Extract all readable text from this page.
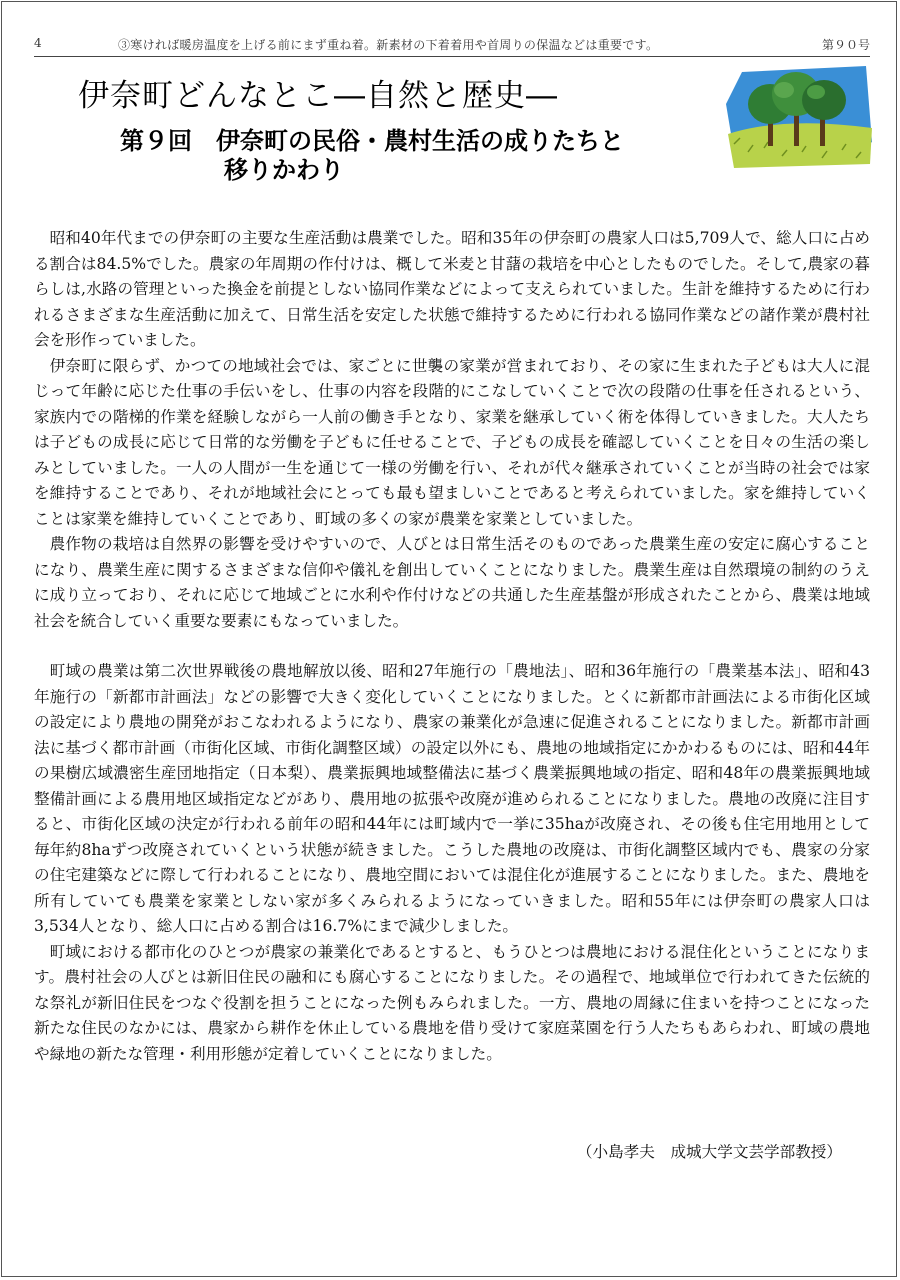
4	③寒ければ暖房温度を上げる前にまず重ね着。新素材の下着着用や首周りの保温などは重要です。	第９０号
伊奈町どんなとこ―自然と歴史―
第９回　伊奈町の民俗・農村生活の成りたちと
移りかわり

昭和40年代までの伊奈町の主要な生産活動は農業でした。昭和35年の伊奈町の農家人口は5,709人で、総人口に占める割合は84.5%でした。農家の年周期の作付けは、概して米麦と甘藷の栽培を中心としたものでした。そして,農家の暮らしは,水路の管理といった換金を前提としない協同作業などによって支えられていました。生計を維持するために行われるさまざまな生産活動に加えて、日常生活を安定した状態で維持するために行われる協同作業などの諸作業が農村社会を形作っていました。

伊奈町に限らず、かつての地域社会では、家ごとに世襲の家業が営まれており、その家に生まれた子どもは大人に混じって年齢に応じた仕事の手伝いをし、仕事の内容を段階的にこなしていくことで次の段階の仕事を任されるという、家族内での階梯的作業を経験しながら一人前の働き手となり、家業を継承していく術を体得していきました。大人たちは子どもの成長に応じて日常的な労働を子どもに任せることで、子どもの成長を確認していくことを日々の生活の楽しみとしていました。一人の人間が一生を通じて一様の労働を行い、それが代々継承されていくことが当時の社会では家を維持することであり、それが地域社会にとっても最も望ましいことであると考えられていました。家を維持していくことは家業を維持していくことであり、町域の多くの家が農業を家業としていました。

農作物の栽培は自然界の影響を受けやすいので、人びとは日常生活そのものであった農業生産の安定に腐心することになり、農業生産に関するさまざまな信仰や儀礼を創出していくことになりました。農業生産は自然環境の制約のうえに成り立っており、それに応じて地域ごとに水利や作付けなどの共通した生産基盤が形成されたことから、農業は地域社会を統合していく重要な要素にもなっていました。

町域の農業は第二次世界戦後の農地解放以後、昭和27年施行の「農地法」、昭和36年施行の「農業基本法」、昭和43年施行の「新都市計画法」などの影響で大きく変化していくことになりました。とくに新都市計画法による市街化区域の設定により農地の開発がおこなわれるようになり、農家の兼業化が急速に促進されることになりました。新都市計画法に基づく都市計画（市街化区域、市街化調整区域）の設定以外にも、農地の地域指定にかかわるものには、昭和44年の果樹広域濃密生産団地指定（日本梨）、農業振興地域整備法に基づく農業振興地域の指定、昭和48年の農業振興地域整備計画による農用地区域指定などがあり、農用地の拡張や改廃が進められることになりました。農地の改廃に注目すると、市街化区域の決定が行われる前年の昭和44年には町域内で一挙に35haが改廃され、その後も住宅用地用として毎年約8haずつ改廃されていくという状態が続きました。こうした農地の改廃は、市街化調整区域内でも、農家の分家の住宅建築などに際して行われることになり、農地空間においては混住化が進展することになりました。また、農地を所有していても農業を家業としない家が多くみられるようになっていきました。昭和55年には伊奈町の農家人口は3,534人となり、総人口に占める割合は16.7%にまで減少しました。

町域における都市化のひとつが農家の兼業化であるとすると、もうひとつは農地における混住化ということになります。農村社会の人びとは新旧住民の融和にも腐心することになりました。その過程で、地域単位で行われてきた伝統的な祭礼が新旧住民をつなぐ役割を担うことになった例もみられました。一方、農地の周縁に住まいを持つことになった新たな住民のなかには、農家から耕作を休止している農地を借り受けて家庭菜園を行う人たちもあらわれ、町域の農地や緑地の新たな管理・利用形態が定着していくことになりました。

（小島孝夫　成城大学文芸学部教授）
